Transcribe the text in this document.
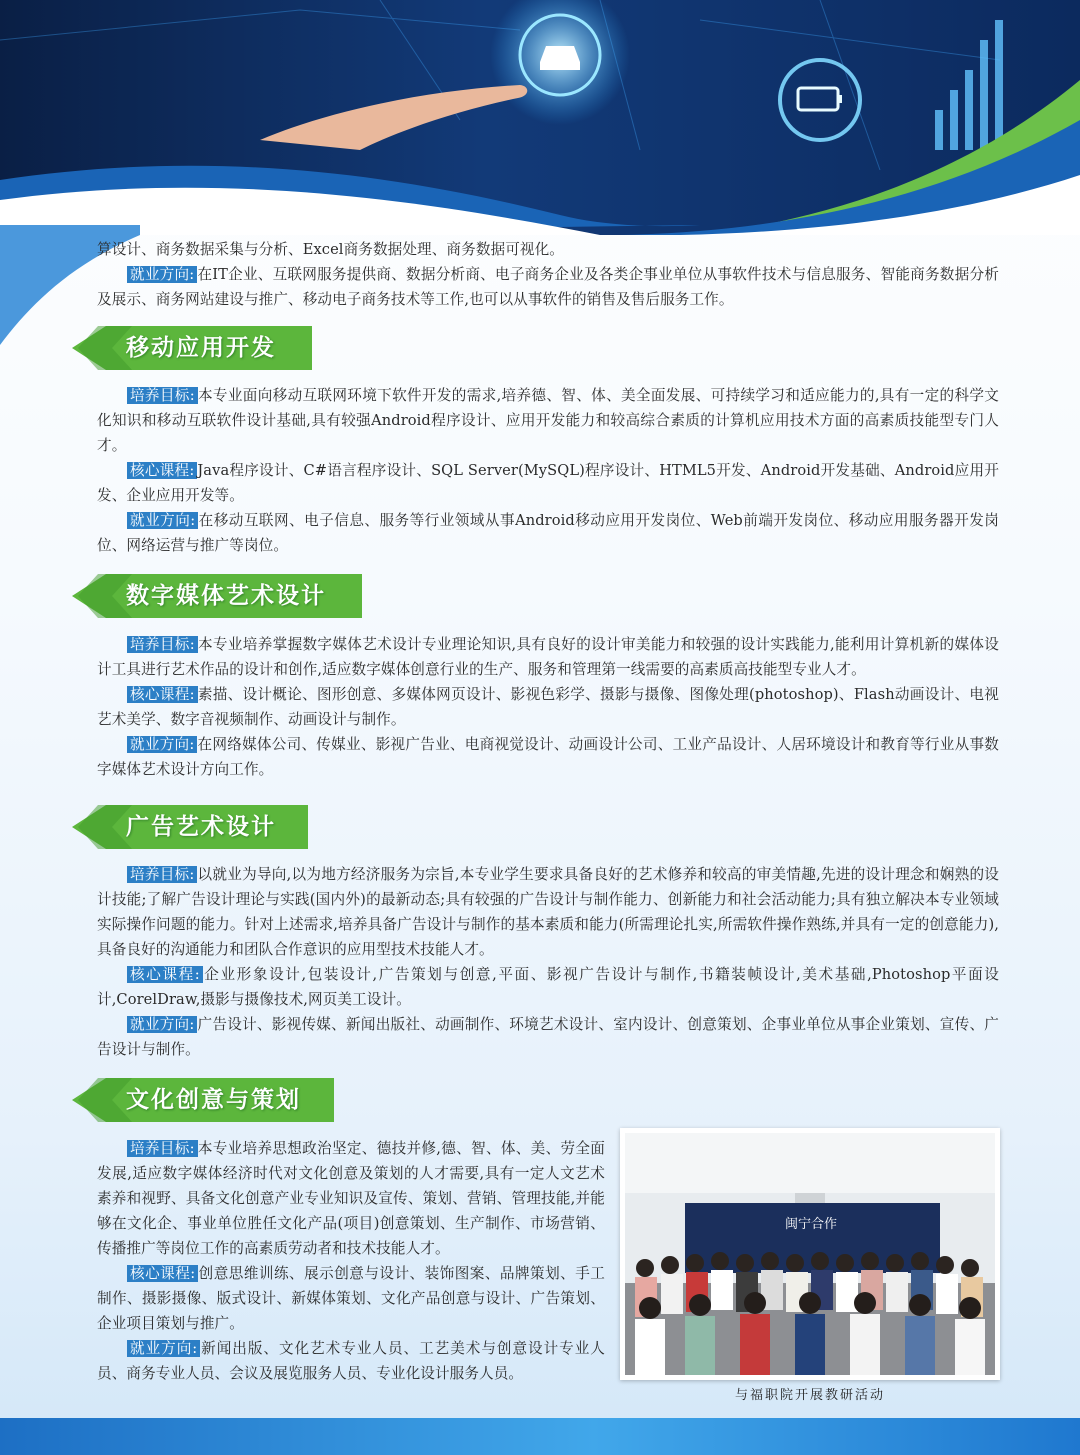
算设计、商务数据采集与分析、Excel商务数据处理、商务数据可视化。

就业方向: 在IT企业、互联网服务提供商、数据分析商、电子商务企业及各类企事业单位从事软件技术与信息服务、智能商务数据分析及展示、商务网站建设与推广、移动电子商务技术等工作,也可以从事软件的销售及售后服务工作。

移动应用开发

培养目标: 本专业面向移动互联网环境下软件开发的需求,培养德、智、体、美全面发展、可持续学习和适应能力的,具有一定的科学文化知识和移动互联软件设计基础,具有较强Android程序设计、应用开发能力和较高综合素质的计算机应用技术方面的高素质技能型专门人才。

核心课程: Java程序设计、C#语言程序设计、SQL Server(MySQL)程序设计、HTML5开发、Android开发基础、Android应用开发、企业应用开发等。

就业方向: 在移动互联网、电子信息、服务等行业领域从事Android移动应用开发岗位、Web前端开发岗位、移动应用服务器开发岗位、网络运营与推广等岗位。

数字媒体艺术设计

培养目标: 本专业培养掌握数字媒体艺术设计专业理论知识,具有良好的设计审美能力和较强的设计实践能力,能利用计算机新的媒体设计工具进行艺术作品的设计和创作,适应数字媒体创意行业的生产、服务和管理第一线需要的高素质高技能型专业人才。

核心课程: 素描、设计概论、图形创意、多媒体网页设计、影视色彩学、摄影与摄像、图像处理(photoshop)、Flash动画设计、电视艺术美学、数字音视频制作、动画设计与制作。

就业方向: 在网络媒体公司、传媒业、影视广告业、电商视觉设计、动画设计公司、工业产品设计、人居环境设计和教育等行业从事数字媒体艺术设计方向工作。

广告艺术设计

培养目标: 以就业为导向,以为地方经济服务为宗旨,本专业学生要求具备良好的艺术修养和较高的审美情趣,先进的设计理念和娴熟的设计技能;了解广告设计理论与实践(国内外)的最新动态;具有较强的广告设计与制作能力、创新能力和社会活动能力;具有独立解决本专业领域实际操作问题的能力。针对上述需求,培养具备广告设计与制作的基本素质和能力(所需理论扎实,所需软件操作熟练,并具有一定的创意能力),具备良好的沟通能力和团队合作意识的应用型技术技能人才。

核心课程: 企业形象设计,包装设计,广告策划与创意,平面、影视广告设计与制作,书籍装帧设计,美术基础,Photoshop平面设计,CorelDraw,摄影与摄像技术,网页美工设计。

就业方向: 广告设计、影视传媒、新闻出版社、动画制作、环境艺术设计、室内设计、创意策划、企事业单位从事企业策划、宣传、广告设计与制作。

文化创意与策划

培养目标: 本专业培养思想政治坚定、德技并修,德、智、体、美、劳全面发展,适应数字媒体经济时代对文化创意及策划的人才需要,具有一定人文艺术素养和视野、具备文化创意产业专业知识及宣传、策划、营销、管理技能,并能够在文化企、事业单位胜任文化产品(项目)创意策划、生产制作、市场营销、传播推广等岗位工作的高素质劳动者和技术技能人才。

核心课程: 创意思维训练、展示创意与设计、装饰图案、品牌策划、手工制作、摄影摄像、版式设计、新媒体策划、文化产品创意与设计、广告策划、企业项目策划与推广。

就业方向: 新闻出版、文化艺术专业人员、工艺美术与创意设计专业人员、商务专业人员、会议及展览服务人员、专业化设计服务人员。

闽宁合作
与福职院开展教研活动
